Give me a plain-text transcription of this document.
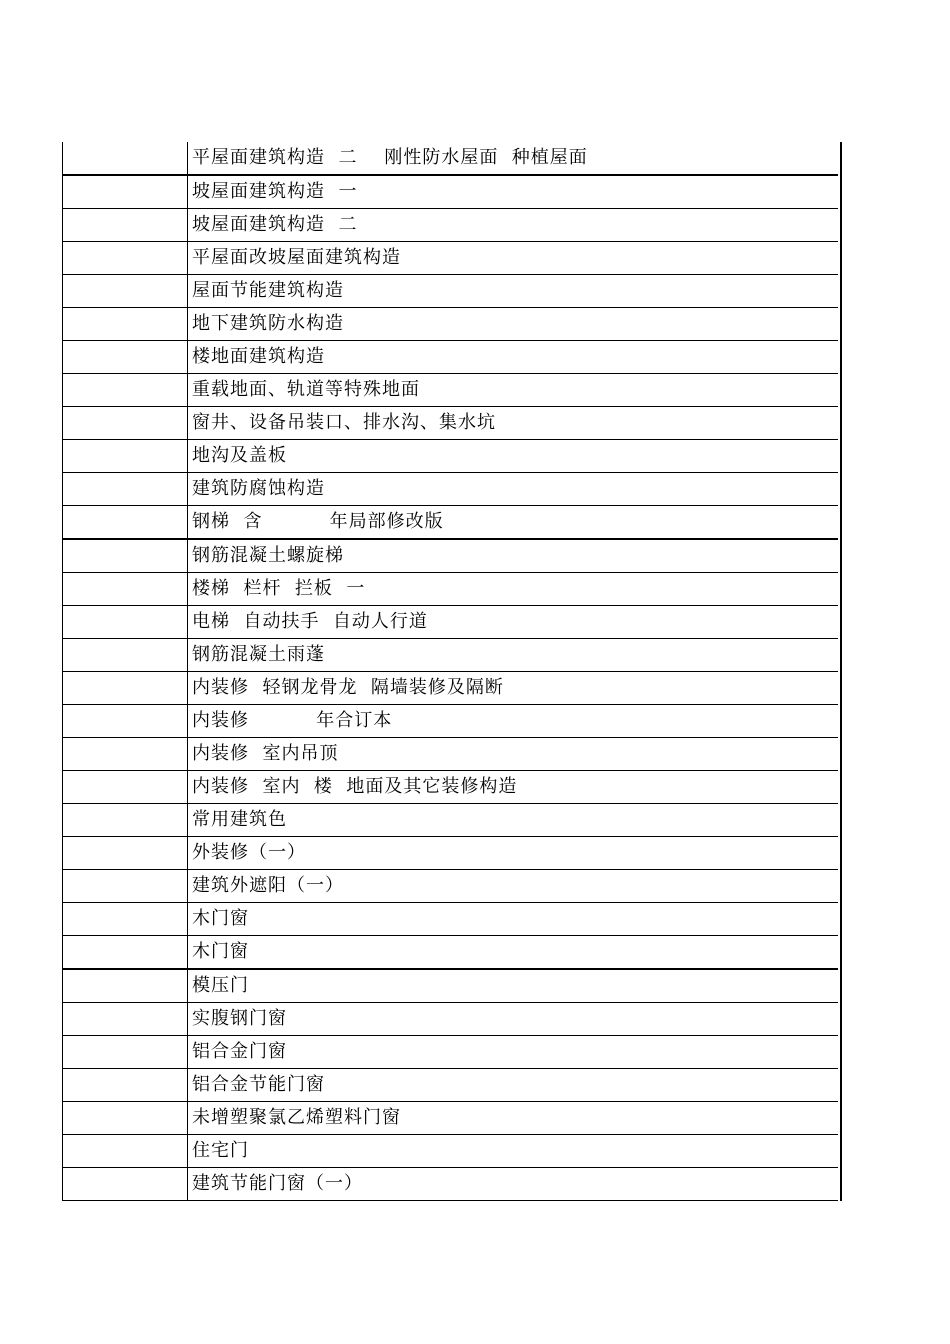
	平屋面建筑构造  二    刚性防水屋面  种植屋面
	坡屋面建筑构造  一
	坡屋面建筑构造  二
	平屋面改坡屋面建筑构造
	屋面节能建筑构造
	地下建筑防水构造
	楼地面建筑构造
	重载地面、轨道等特殊地面
	窗井、设备吊装口、排水沟、集水坑
	地沟及盖板
	建筑防腐蚀构造
	钢梯  含          年局部修改版
	钢筋混凝土螺旋梯
	楼梯  栏杆  拦板  一
	电梯  自动扶手  自动人行道
	钢筋混凝土雨蓬
	内装修  轻钢龙骨龙  隔墙装修及隔断
	内装修          年合订本
	内装修  室内吊顶
	内装修  室内  楼  地面及其它装修构造
	常用建筑色
	外装修（一）
	建筑外遮阳（一）
	木门窗
	木门窗
	模压门
	实腹钢门窗
	铝合金门窗
	铝合金节能门窗
	未增塑聚氯乙烯塑料门窗
	住宅门
	建筑节能门窗（一）
